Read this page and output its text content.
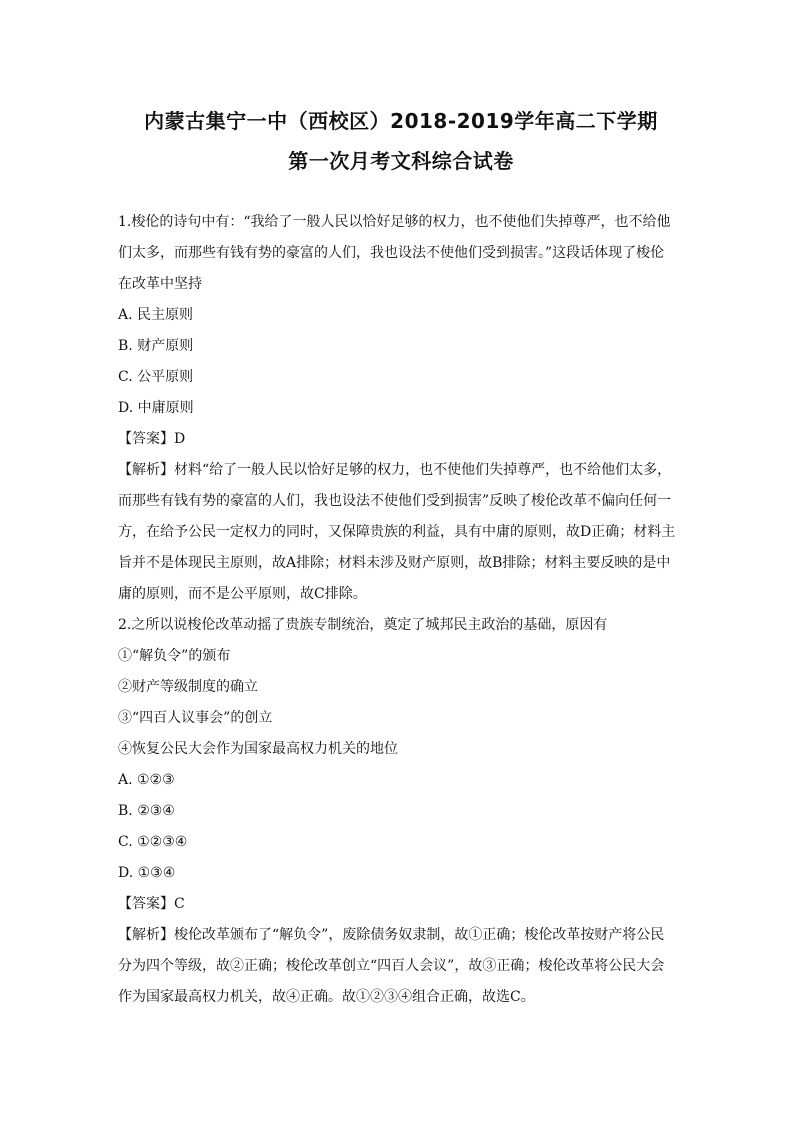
内蒙古集宁一中（西校区）2018-2019学年高二下学期
第一次月考文科综合试卷
1.梭伦的诗句中有：“我给了一般人民以恰好足够的权力，也不使他们失掉尊严，也不给他
们太多，而那些有钱有势的豪富的人们，我也设法不使他们受到损害。”这段话体现了梭伦
在改革中坚持
A. 民主原则
B. 财产原则
C. 公平原则
D. 中庸原则
【答案】D
【解析】材料“给了一般人民以恰好足够的权力，也不使他们失掉尊严，也不给他们太多，
而那些有钱有势的豪富的人们，我也设法不使他们受到损害”反映了梭伦改革不偏向任何一
方，在给予公民一定权力的同时，又保障贵族的利益，具有中庸的原则，故D正确；材料主
旨并不是体现民主原则，故A排除；材料未涉及财产原则，故B排除；材料主要反映的是中
庸的原则，而不是公平原则，故C排除。
2.之所以说梭伦改革动摇了贵族专制统治，奠定了城邦民主政治的基础，原因有
①“解负令”的颁布
②财产等级制度的确立
③“四百人议事会”的创立
④恢复公民大会作为国家最高权力机关的地位
A. ①②③
B. ②③④
C. ①②③④
D. ①③④
【答案】C
【解析】梭伦改革颁布了“解负令”，废除债务奴隶制，故①正确；梭伦改革按财产将公民
分为四个等级，故②正确；梭伦改革创立“四百人会议”，故③正确；梭伦改革将公民大会
作为国家最高权力机关，故④正确。故①②③④组合正确，故选C。
